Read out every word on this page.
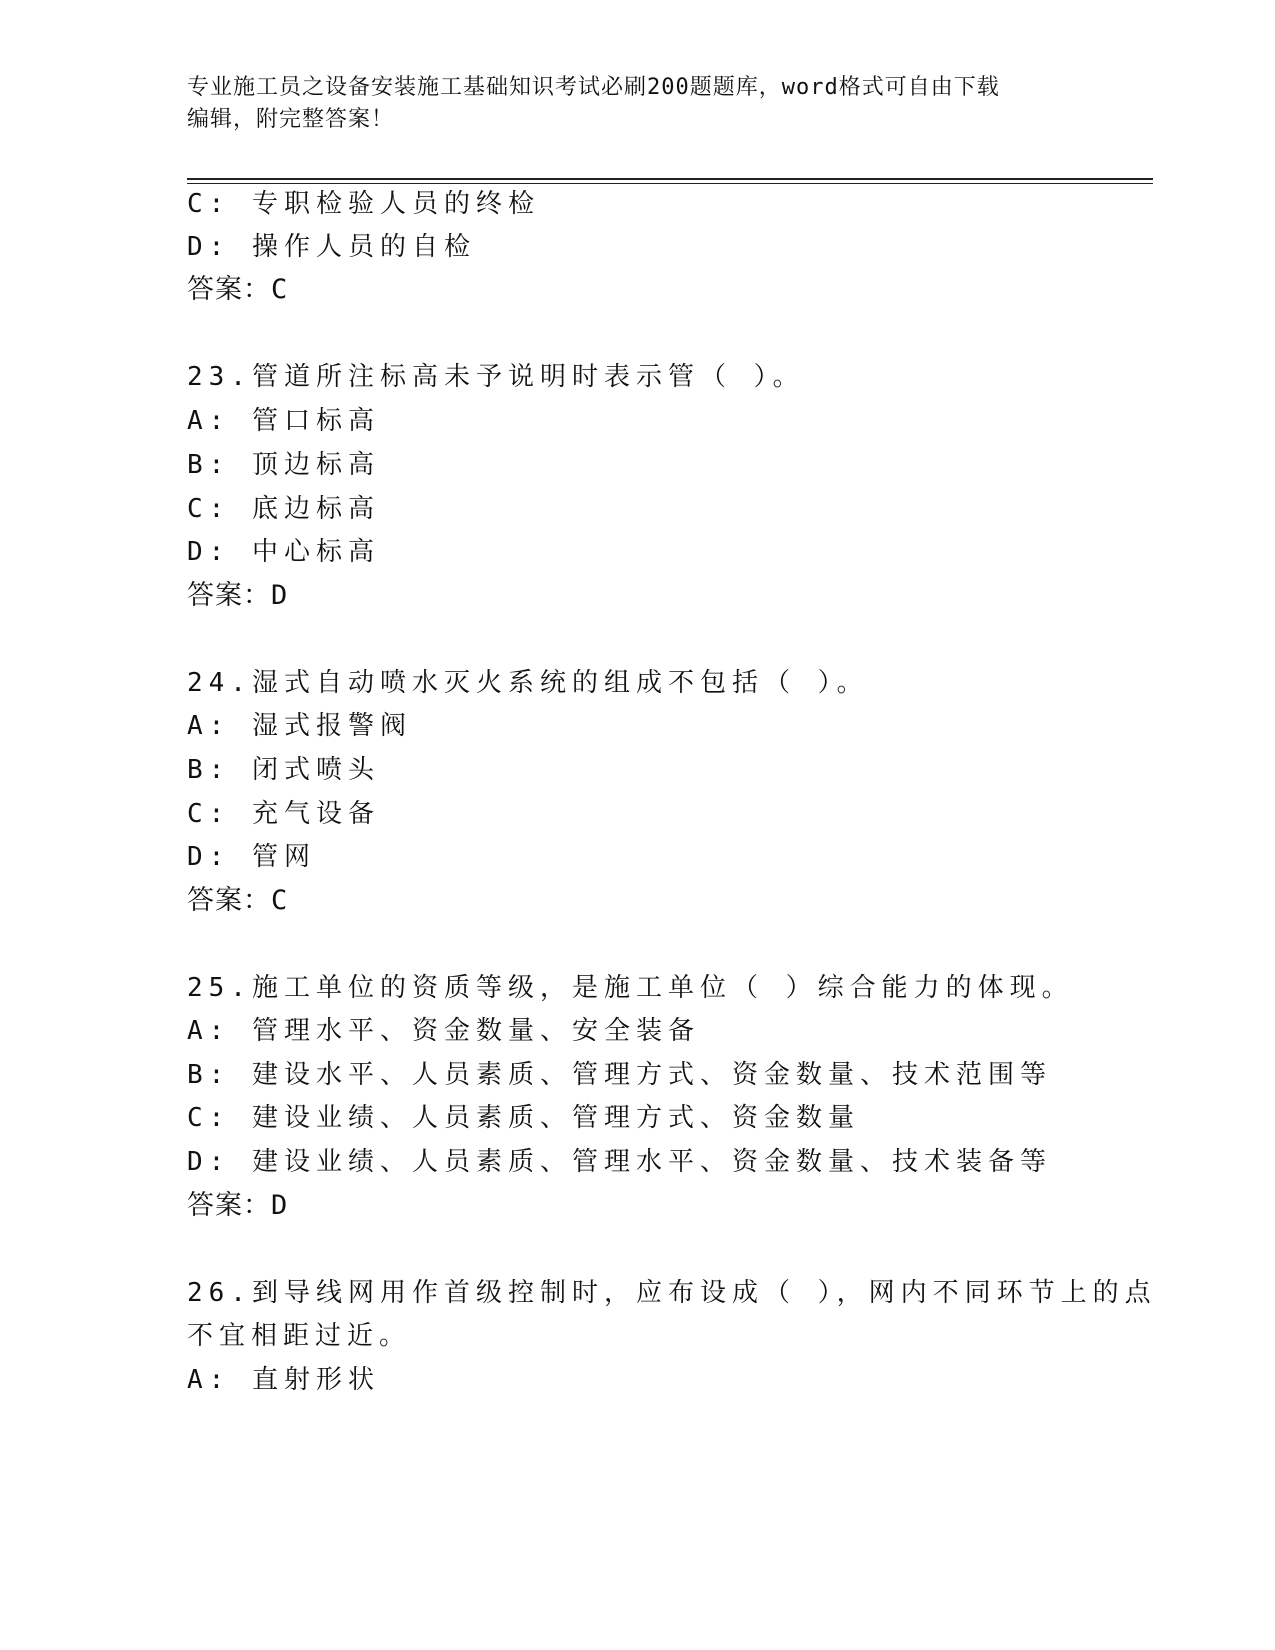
专业施工员之设备安装施工基础知识考试必刷200题题库，word格式可自由下载
编辑，附完整答案！
C: 专职检验人员的终检
D: 操作人员的自检
答案：C
23.管道所注标高未予说明时表示管（ ）。
A: 管口标高
B: 顶边标高
C: 底边标高
D: 中心标高
答案：D
24.湿式自动喷水灭火系统的组成不包括（ ）。
A: 湿式报警阀
B: 闭式喷头
C: 充气设备
D: 管网
答案：C
25.施工单位的资质等级，是施工单位（ ）综合能力的体现。
A: 管理水平、资金数量、安全装备
B: 建设水平、人员素质、管理方式、资金数量、技术范围等
C: 建设业绩、人员素质、管理方式、资金数量
D: 建设业绩、人员素质、管理水平、资金数量、技术装备等
答案：D
26.到导线网用作首级控制时，应布设成（ ），网内不同环节上的点
不宜相距过近。
A: 直射形状
